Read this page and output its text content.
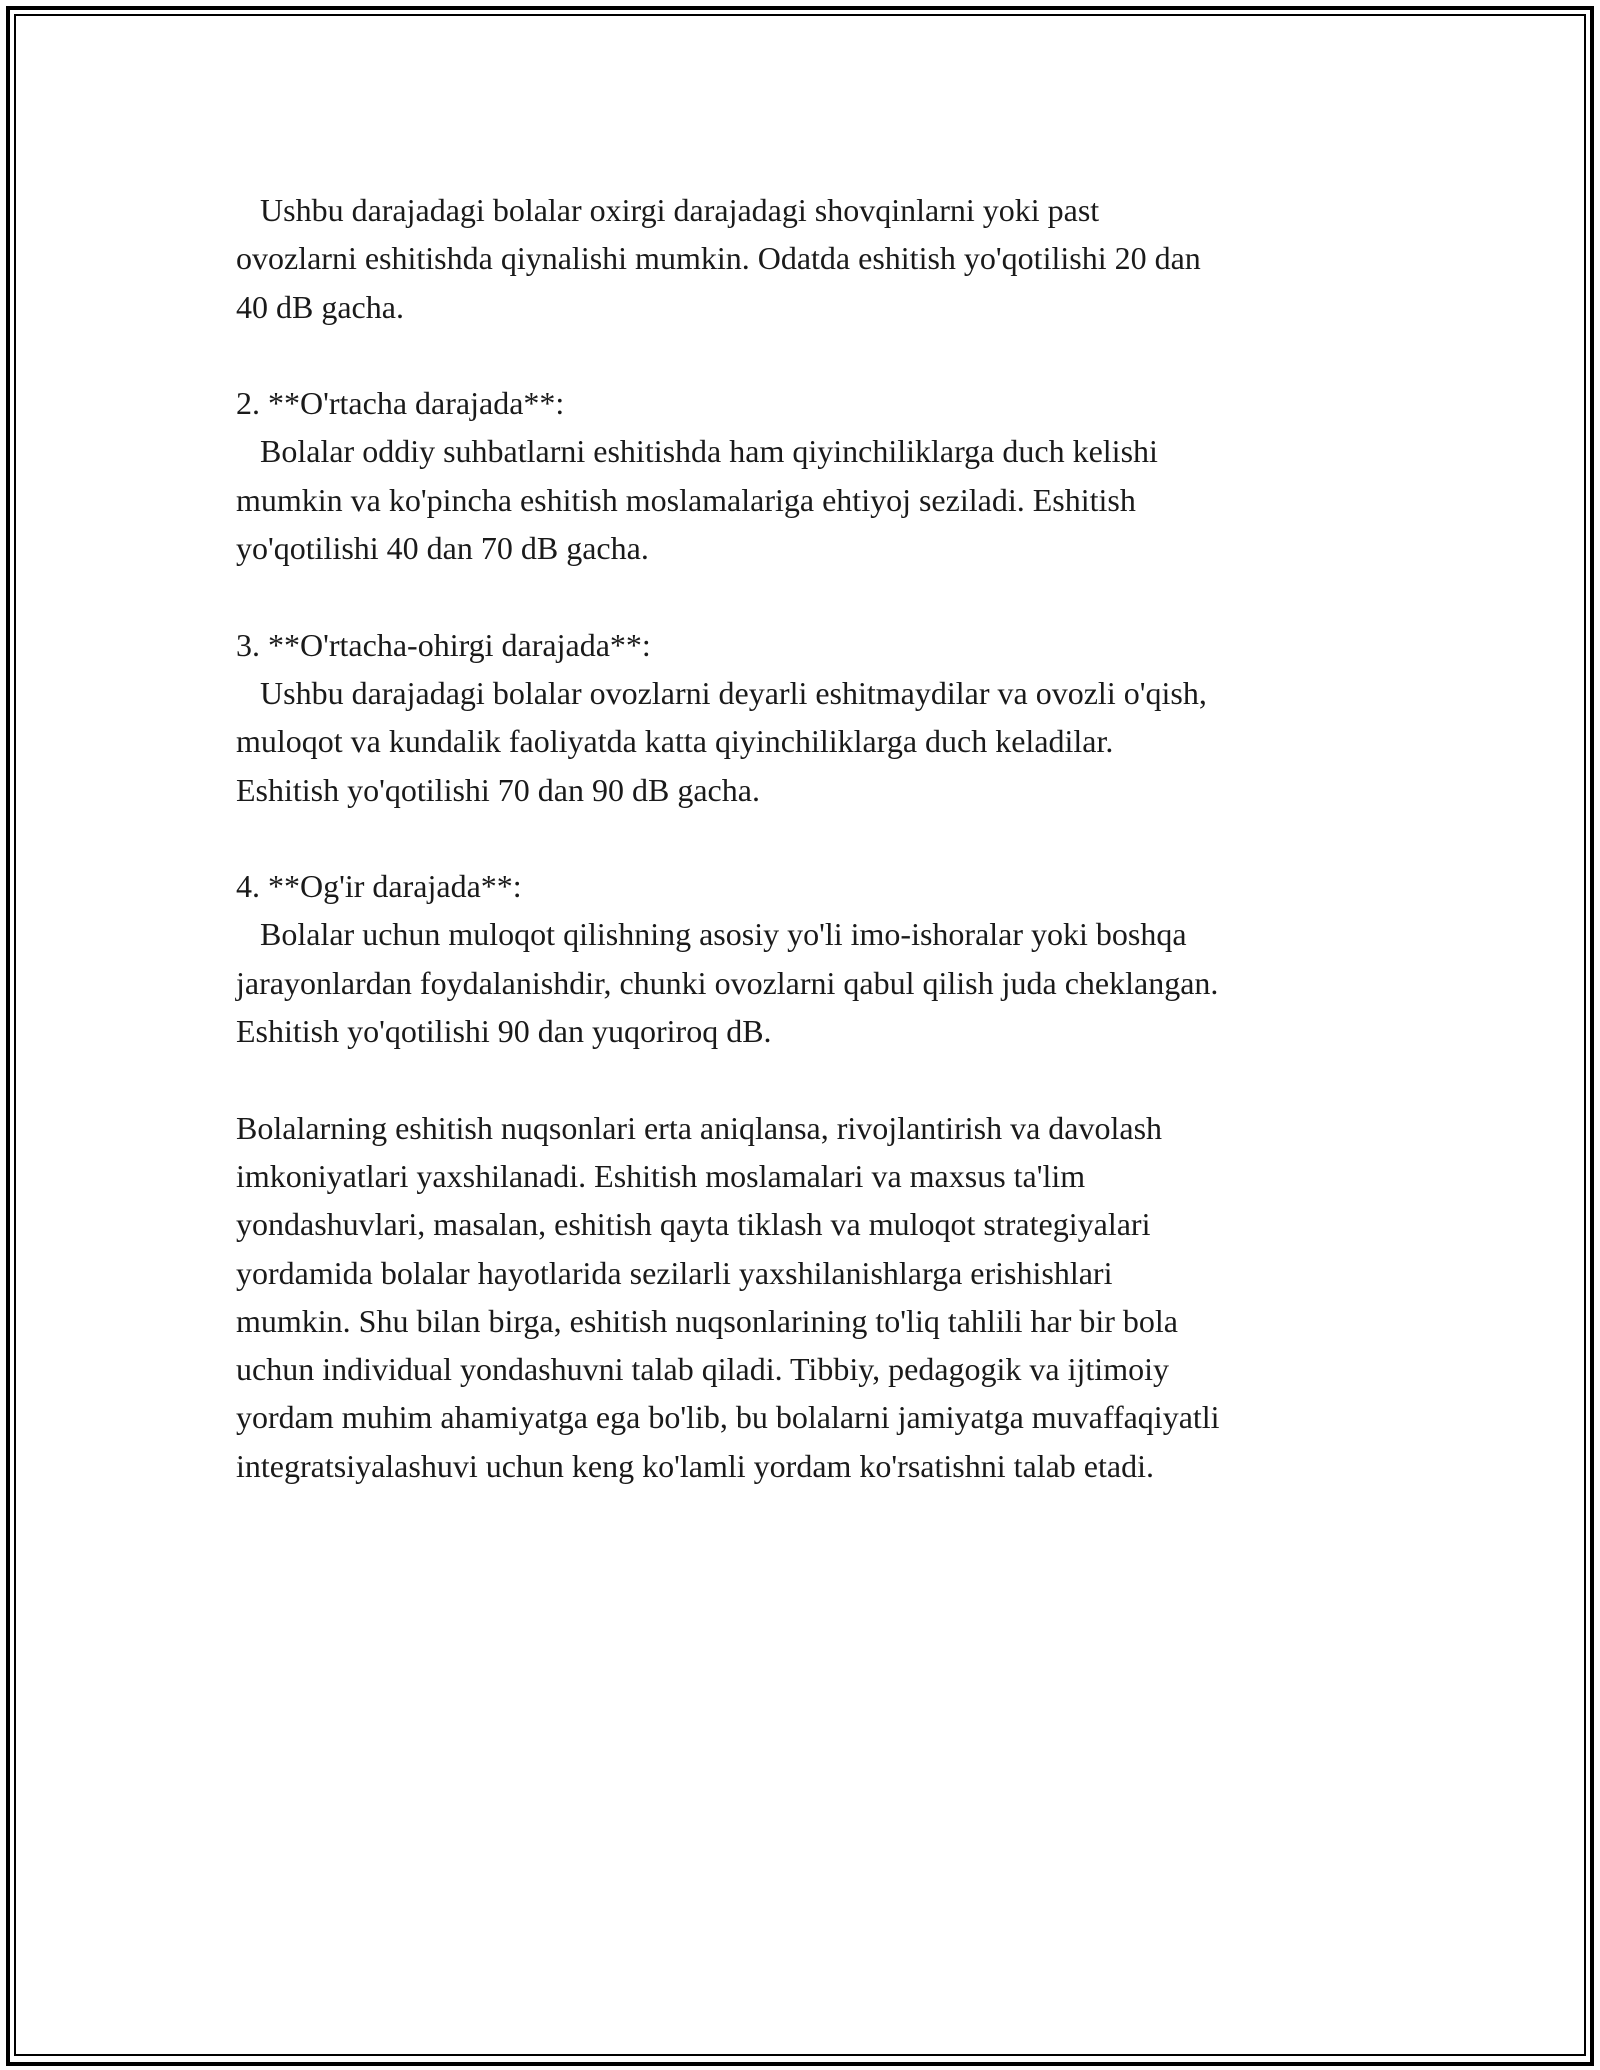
Ushbu darajadagi bolalar oxirgi darajadagi shovqinlarni yoki past
ovozlarni eshitishda qiynalishi mumkin. Odatda eshitish yo'qotilishi 20 dan
40 dB gacha.
2. **O'rtacha darajada**:
Bolalar oddiy suhbatlarni eshitishda ham qiyinchiliklarga duch kelishi
mumkin va ko'pincha eshitish moslamalariga ehtiyoj seziladi. Eshitish
yo'qotilishi 40 dan 70 dB gacha.
3. **O'rtacha-ohirgi darajada**:
Ushbu darajadagi bolalar ovozlarni deyarli eshitmaydilar va ovozli o'qish,
muloqot va kundalik faoliyatda katta qiyinchiliklarga duch keladilar.
Eshitish yo'qotilishi 70 dan 90 dB gacha.
4. **Og'ir darajada**:
Bolalar uchun muloqot qilishning asosiy yo'li imo-ishoralar yoki boshqa
jarayonlardan foydalanishdir, chunki ovozlarni qabul qilish juda cheklangan.
Eshitish yo'qotilishi 90 dan yuqoriroq dB.
Bolalarning eshitish nuqsonlari erta aniqlansa, rivojlantirish va davolash
imkoniyatlari yaxshilanadi. Eshitish moslamalari va maxsus ta'lim
yondashuvlari, masalan, eshitish qayta tiklash va muloqot strategiyalari
yordamida bolalar hayotlarida sezilarli yaxshilanishlarga erishishlari
mumkin. Shu bilan birga, eshitish nuqsonlarining to'liq tahlili har bir bola
uchun individual yondashuvni talab qiladi. Tibbiy, pedagogik va ijtimoiy
yordam muhim ahamiyatga ega bo'lib, bu bolalarni jamiyatga muvaffaqiyatli
integratsiyalashuvi uchun keng ko'lamli yordam ko'rsatishni talab etadi.
